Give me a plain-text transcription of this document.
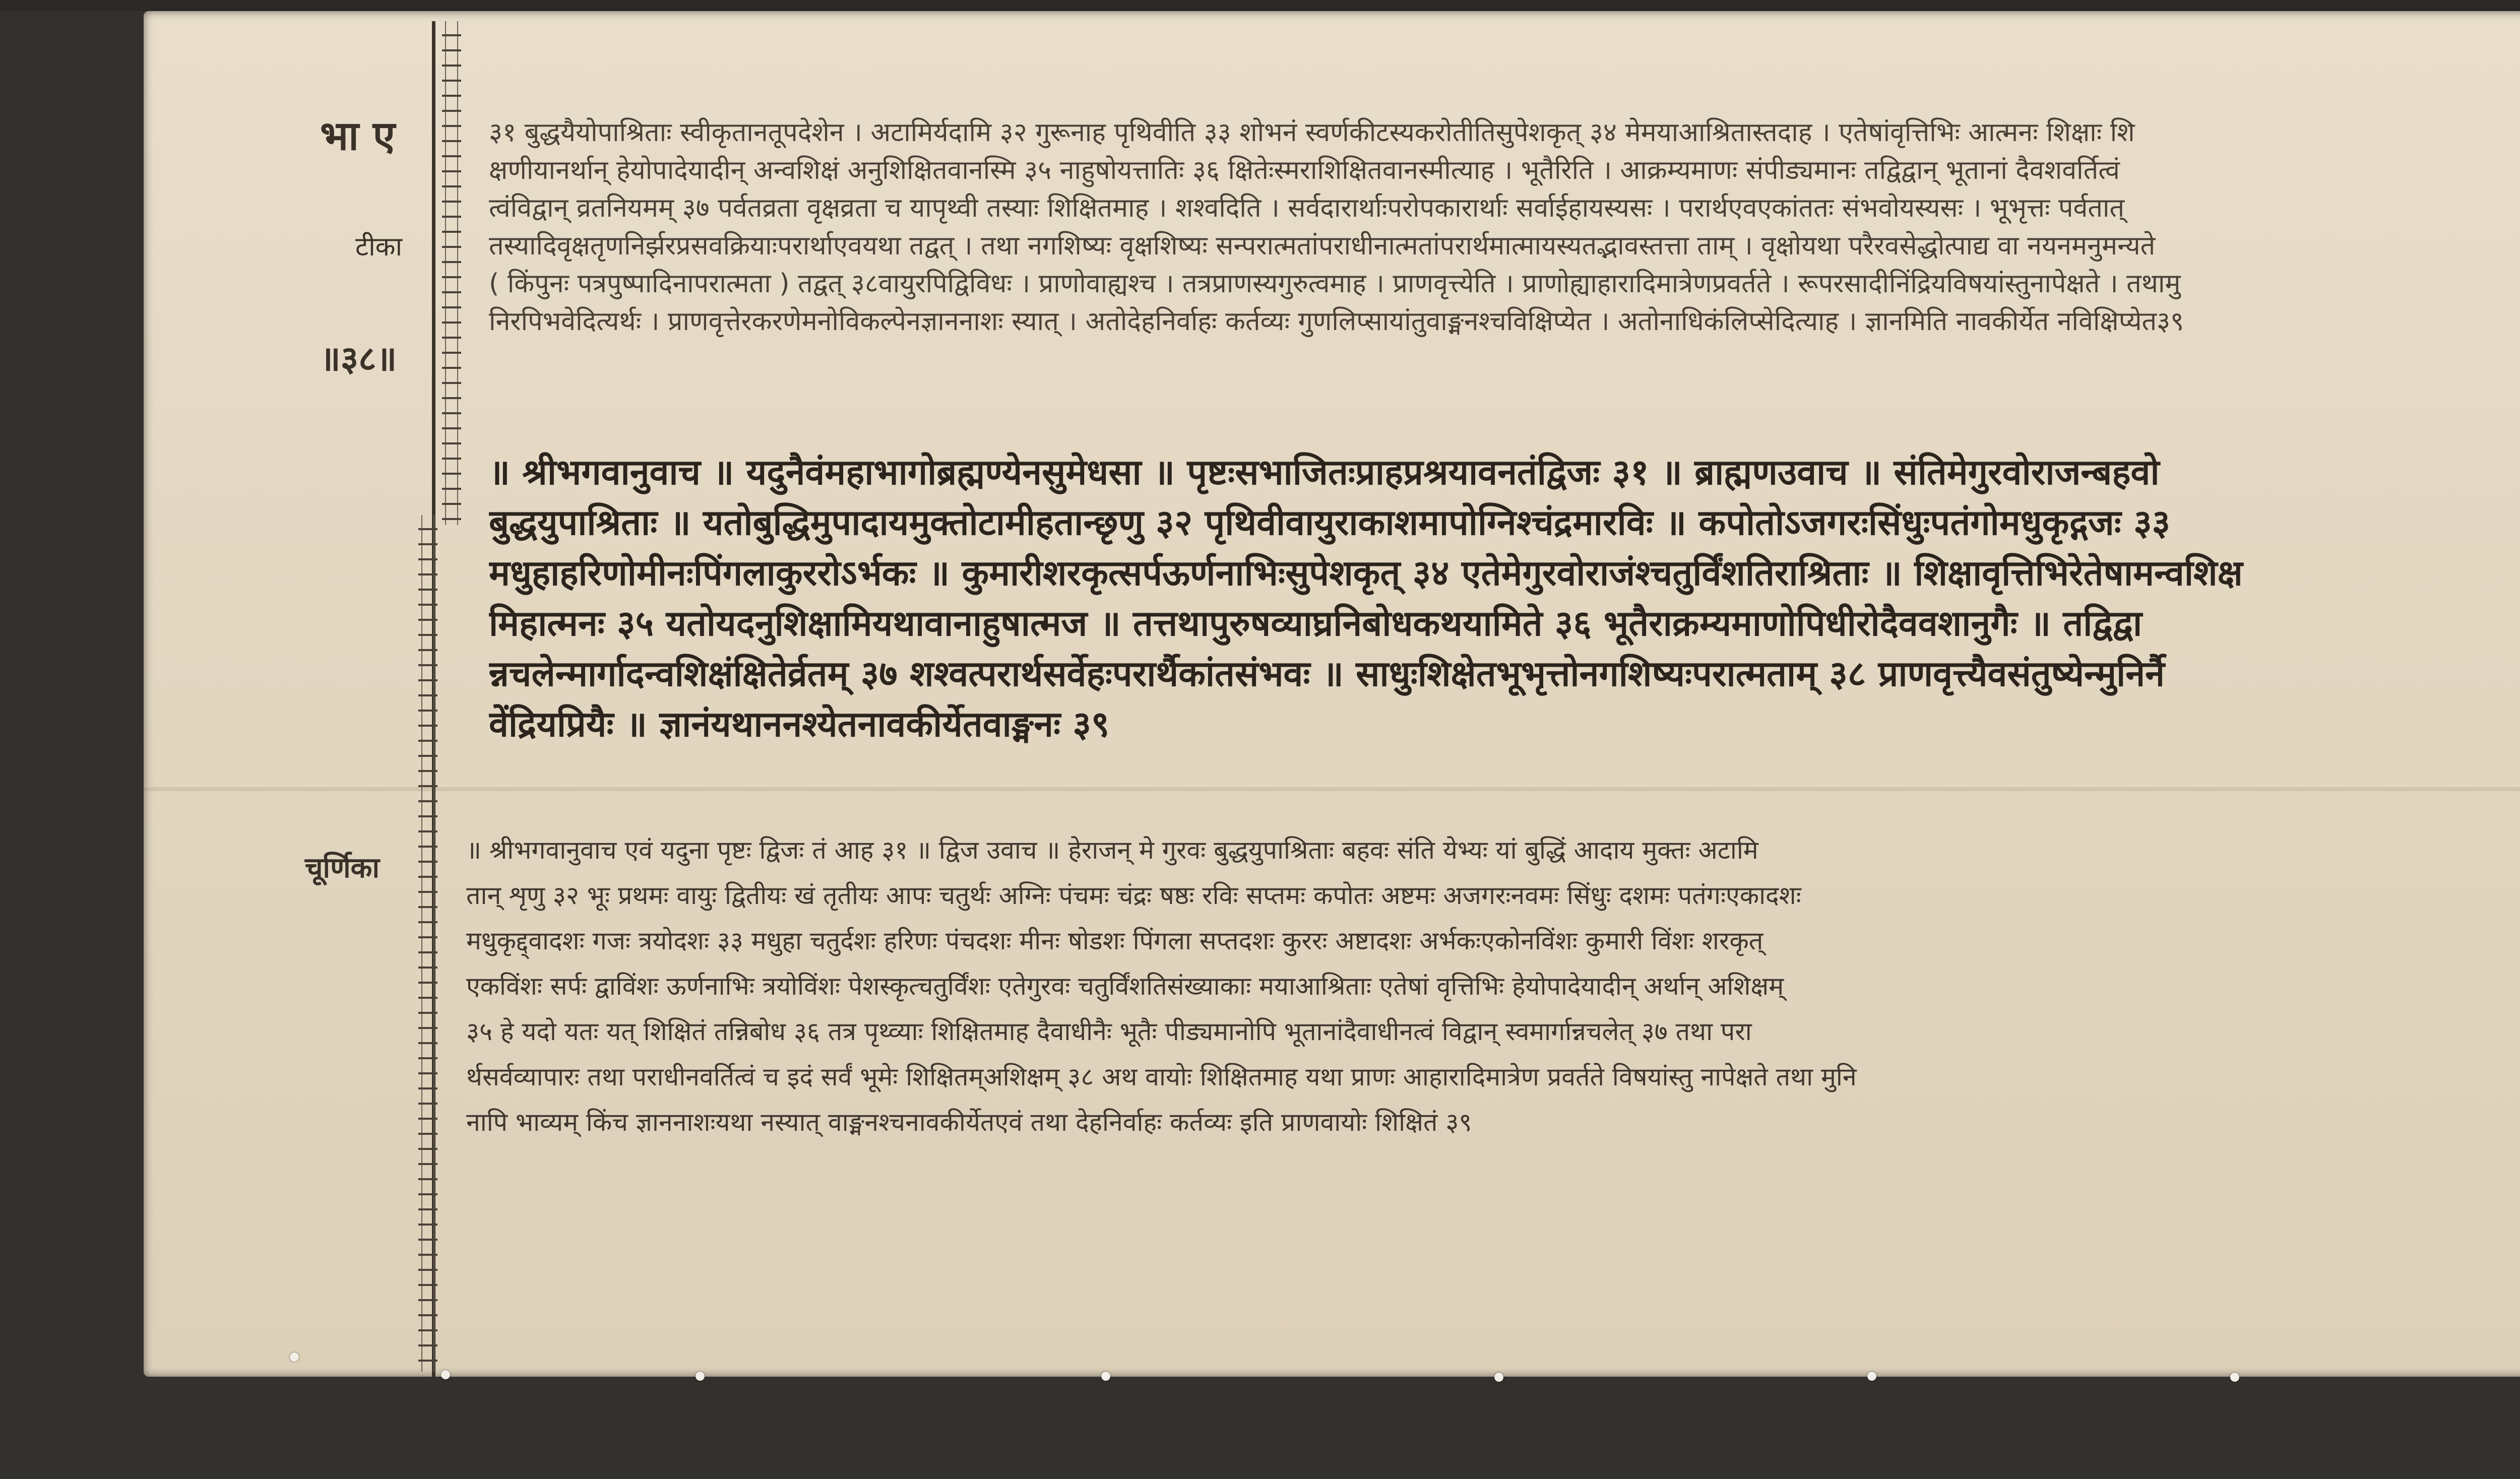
भा ए
टीका
॥३८॥
चूर्णिका
३१ बुद्धयैयोपाश्रिताः स्वीकृतानतूपदेशेन । अटामिर्यदामि ३२ गुरूनाह पृथिवीति ३३ शोभनं स्वर्णकीटस्यकरोतीतिसुपेशकृत् ३४ मेमयाआश्रितास्तदाह । एतेषांवृत्तिभिः आत्मनः शिक्षाः शि
क्षणीयानर्थान् हेयोपादेयादीन् अन्वशिक्षं अनुशिक्षितवानस्मि ३५ नाहुषोयत्तातिः ३६ क्षितेःस्मराशिक्षितवानस्मीत्याह । भूतैरिति । आक्रम्यमाणः संपीड्यमानः तद्विद्वान् भूतानां दैवशवर्तित्वं
त्वंविद्वान् व्रतनियमम् ३७ पर्वतव्रता वृक्षव्रता च यापृथ्वी तस्याः शिक्षितमाह । शश्वदिति । सर्वदारार्थाःपरोपकारार्थाः सर्वाईहायस्यसः । परार्थएवएकांततः संभवोयस्यसः । भूभृत्तः पर्वतात्
तस्यादिवृक्षतृणनिर्झरप्रसवक्रियाःपरार्थाएवयथा तद्वत् । तथा नगशिष्यः वृक्षशिष्यः सन्परात्मतांपराधीनात्मतांपरार्थमात्मायस्यतद्भावस्तत्ता ताम् । वृक्षोयथा परैरवसेद्धोत्पाद्य वा नयनमनुमन्यते
( किंपुनः पत्रपुष्पादिनापरात्मता ) तद्वत् ३८वायुरपिद्विविधः । प्राणोवाह्यश्च । तत्रप्राणस्यगुरुत्वमाह । प्राणवृत्त्येति । प्राणोह्याहारादिमात्रेणप्रवर्तते । रूपरसादीनिंद्रियविषयांस्तुनापेक्षते । तथामु
निरपिभवेदित्यर्थः । प्राणवृत्तेरकरणेमनोविकल्पेनज्ञाननाशः स्यात् । अतोदेहनिर्वाहः कर्तव्यः गुणलिप्सायांतुवाङ्मनश्चविक्षिप्येत । अतोनाधिकंलिप्सेदित्याह । ज्ञानमिति नावकीर्येत नविक्षिप्येत३९
॥ श्रीभगवानुवाच ॥ यदुनैवंमहाभागोब्रह्मण्येनसुमेधसा ॥ पृष्टःसभाजितःप्राहप्रश्रयावनतंद्विजः ३१ ॥ ब्राह्मणउवाच ॥ संतिमेगुरवोराजन्बहवो
बुद्धयुपाश्रिताः ॥ यतोबुद्धिमुपादायमुक्तोटामीहतान्छृणु ३२ पृथिवीवायुराकाशमापोग्निश्चंद्रमारविः ॥ कपोतोऽजगरःसिंधुःपतंगोमधुकृद्गजः ३३
मधुहाहरिणोमीनःपिंगलाकुररोऽर्भकः ॥ कुमारीशरकृत्सर्पऊर्णनाभिःसुपेशकृत् ३४ एतेमेगुरवोराजंश्चतुर्विंशतिराश्रिताः ॥ शिक्षावृत्तिभिरेतेषामन्वशिक्ष
मिहात्मनः ३५ यतोयदनुशिक्षामियथावानाहुषात्मज ॥ तत्तथापुरुषव्याघ्रनिबोधकथयामिते ३६ भूतैराक्रम्यमाणोपिधीरोदैववशानुगैः ॥ तद्विद्वा
न्नचलेन्मार्गादन्वशिक्षंक्षितेर्व्रतम् ३७ शश्वत्परार्थसर्वेहःपरार्थैकांतसंभवः ॥ साधुःशिक्षेतभूभृत्तोनगशिष्यःपरात्मताम् ३८ प्राणवृत्त्यैवसंतुष्येन्मुनिर्नै
वेंद्रियप्रियैः ॥ ज्ञानंयथाननश्येतनावकीर्येतवाङ्मनः ३९
॥ श्रीभगवानुवाच एवं यदुना पृष्टः द्विजः तं आह ३१ ॥ द्विज उवाच ॥ हेराजन् मे गुरवः बुद्धयुपाश्रिताः बहवः संति येभ्यः यां बुद्धिं आदाय मुक्तः अटामि
तान् शृणु ३२ भूः प्रथमः वायुः द्वितीयः खं तृतीयः आपः चतुर्थः अग्निः पंचमः चंद्रः षष्ठः रविः सप्तमः कपोतः अष्टमः अजगरःनवमः सिंधुः दशमः पतंगःएकादशः
मधुकृद्द्वादशः गजः त्रयोदशः ३३ मधुहा चतुर्दशः हरिणः पंचदशः मीनः षोडशः पिंगला सप्तदशः कुररः अष्टादशः अर्भकःएकोनविंशः कुमारी विंशः शरकृत्
एकविंशः सर्पः द्वाविंशः ऊर्णनाभिः त्रयोविंशः पेशस्कृत्चतुर्विंशः एतेगुरवः चतुर्विंशतिसंख्याकाः मयाआश्रिताः एतेषां वृत्तिभिः हेयोपादेयादीन् अर्थान् अशिक्षम्
३५ हे यदो यतः यत् शिक्षितं तन्निबोध ३६ तत्र पृथ्व्याः शिक्षितमाह दैवाधीनैः भूतैः पीड्यमानोपि भूतानांदैवाधीनत्वं विद्वान् स्वमार्गान्नचलेत् ३७ तथा परा
र्थसर्वव्यापारः तथा पराधीनवर्तित्वं च इदं सर्वं भूमेः शिक्षितम्अशिक्षम् ३८ अथ वायोः शिक्षितमाह यथा प्राणः आहारादिमात्रेण प्रवर्तते विषयांस्तु नापेक्षते तथा मुनि
नापि भाव्यम् किंच ज्ञाननाशःयथा नस्यात् वाङ्मनश्चनावकीर्येतएवं तथा देहनिर्वाहः कर्तव्यः इति प्राणवायोः शिक्षितं ३९
